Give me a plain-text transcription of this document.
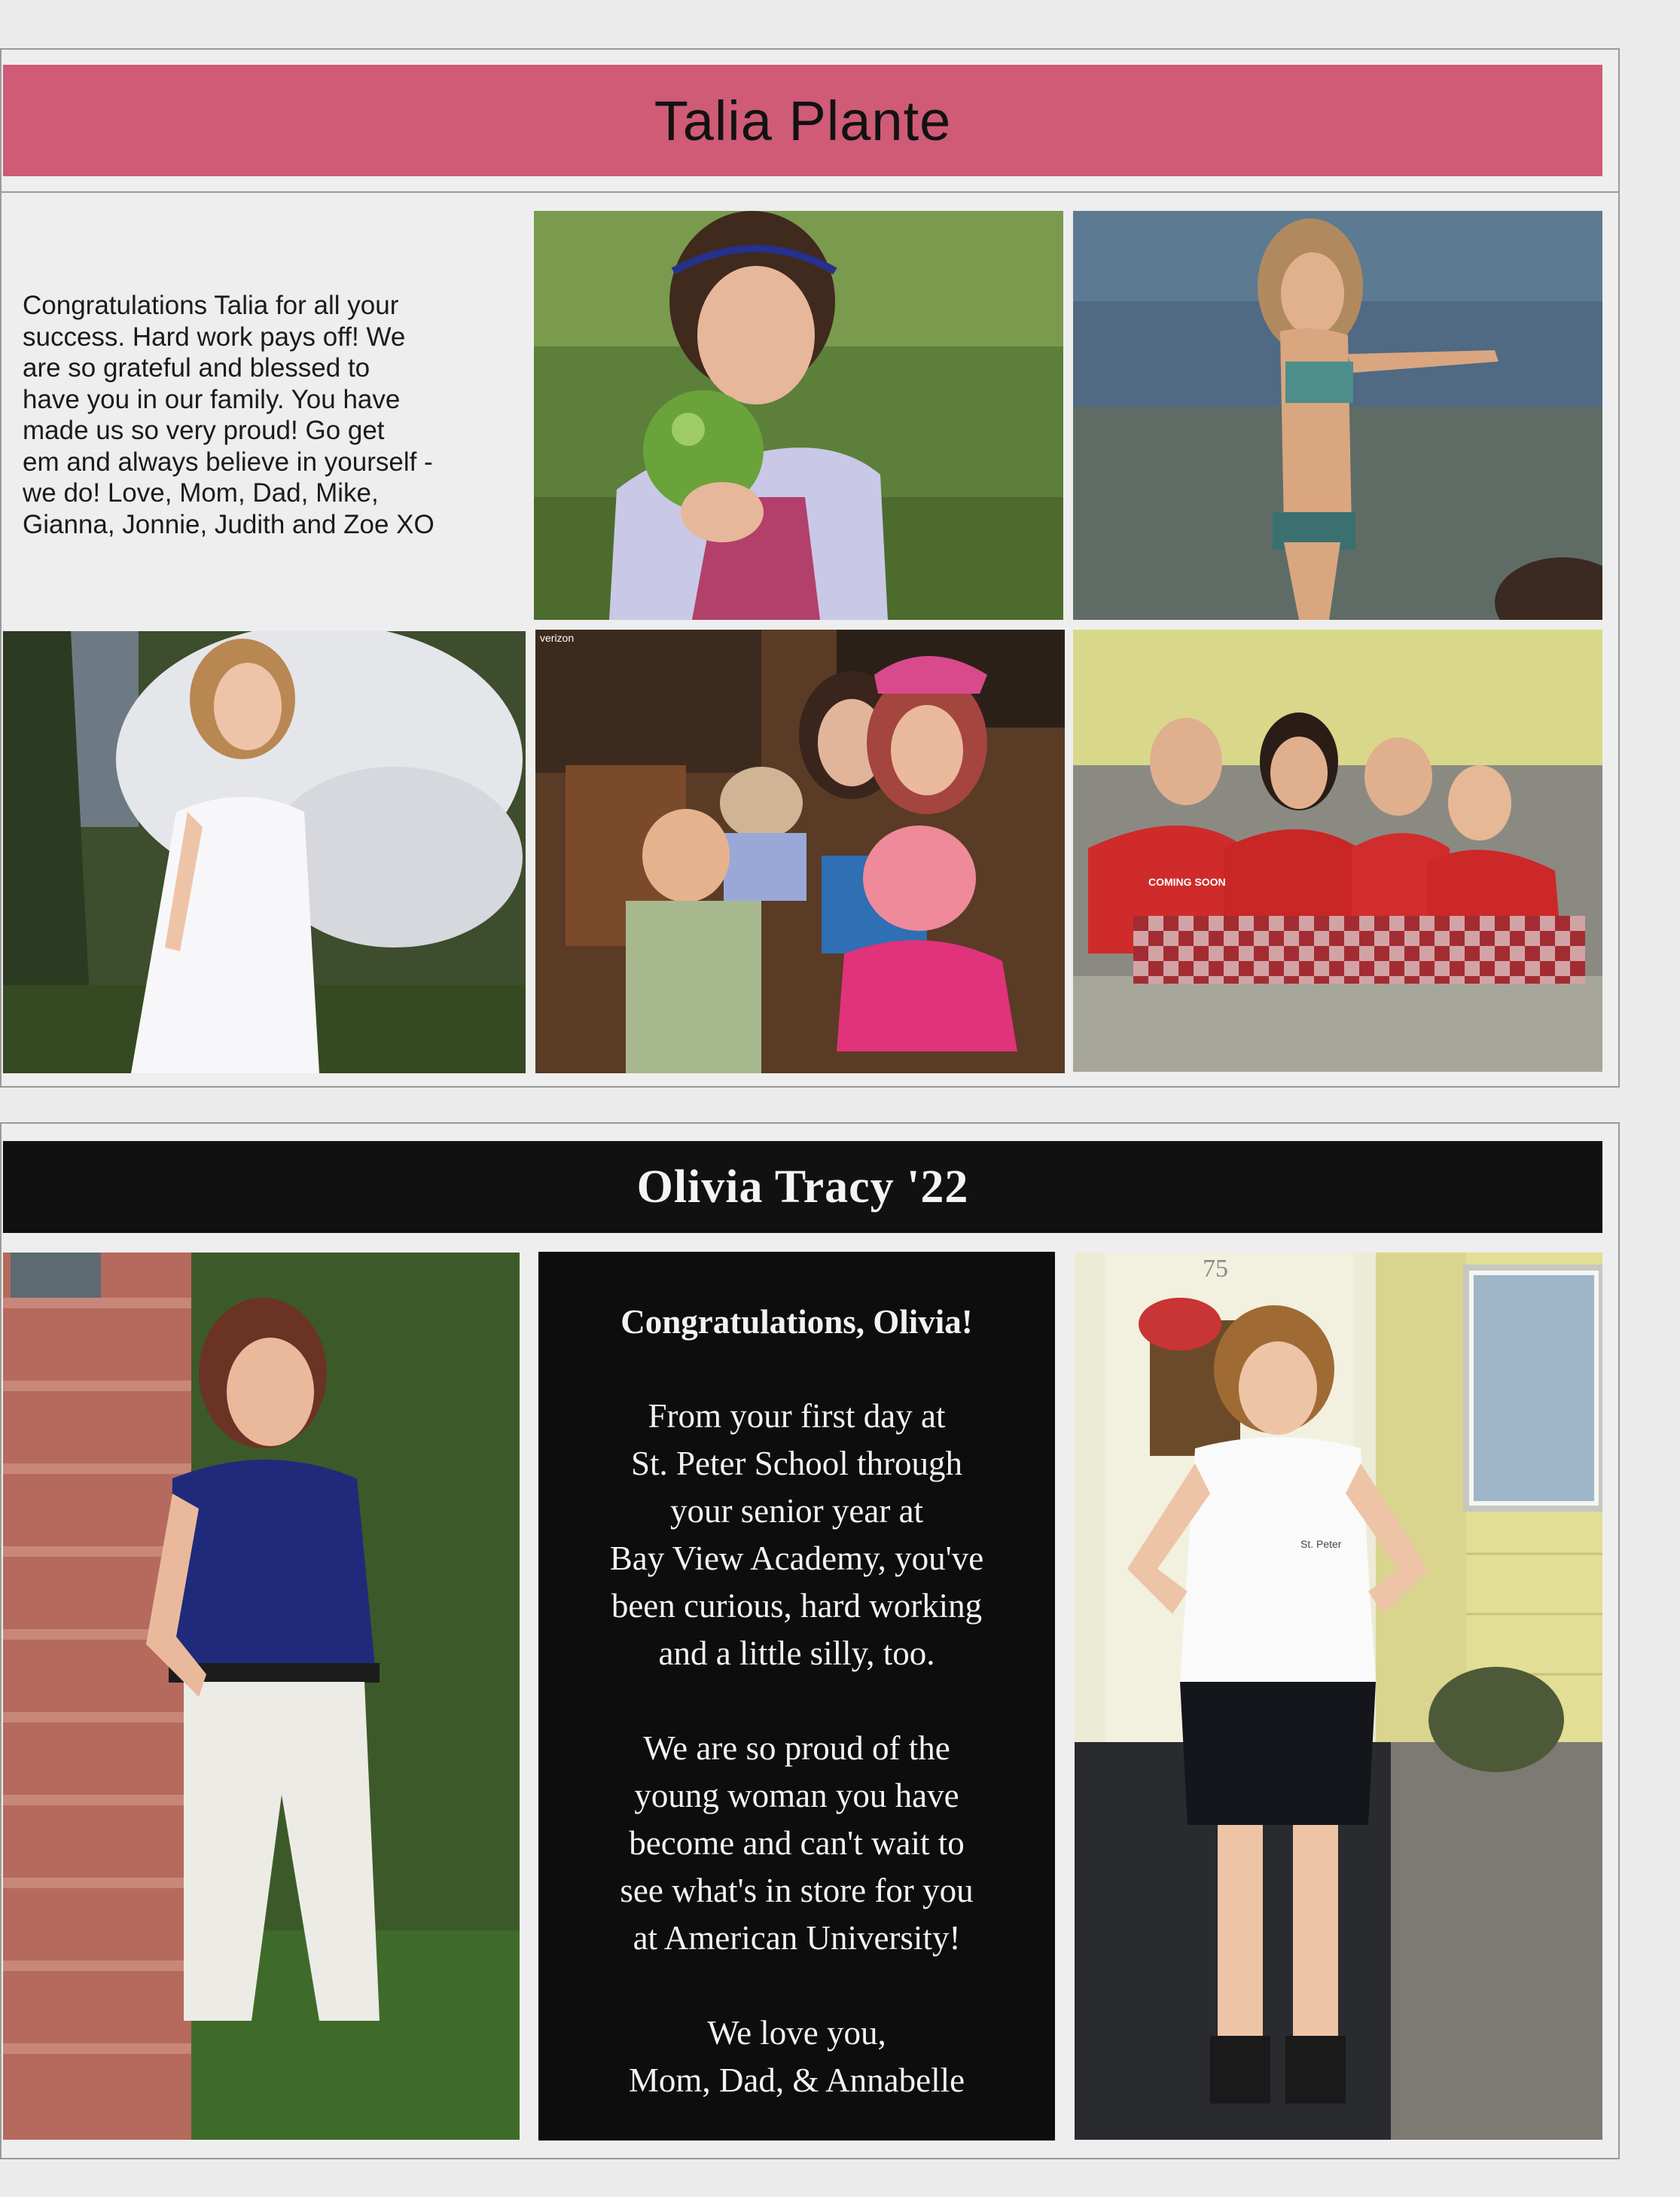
Talia Plante
Congratulations Talia for all your
success. Hard work pays off! We
are so grateful and blessed to
have you in our family. You have
made us so very proud! Go get
em and always believe in yourself -
we do! Love, Mom, Dad, Mike,
Gianna, Jonnie, Judith and Zoe XO
verizon
COMING SOON
Olivia Tracy '22
Congratulations, Olivia!
From your first day at
St. Peter School through
your senior year at
Bay View Academy, you've
been curious, hard working
and a little silly, too.
We are so proud of the
young woman you have
become and can't wait to
see what's in store for you
at American University!
We love you,
Mom, Dad, & Annabelle
75
St. Peter
